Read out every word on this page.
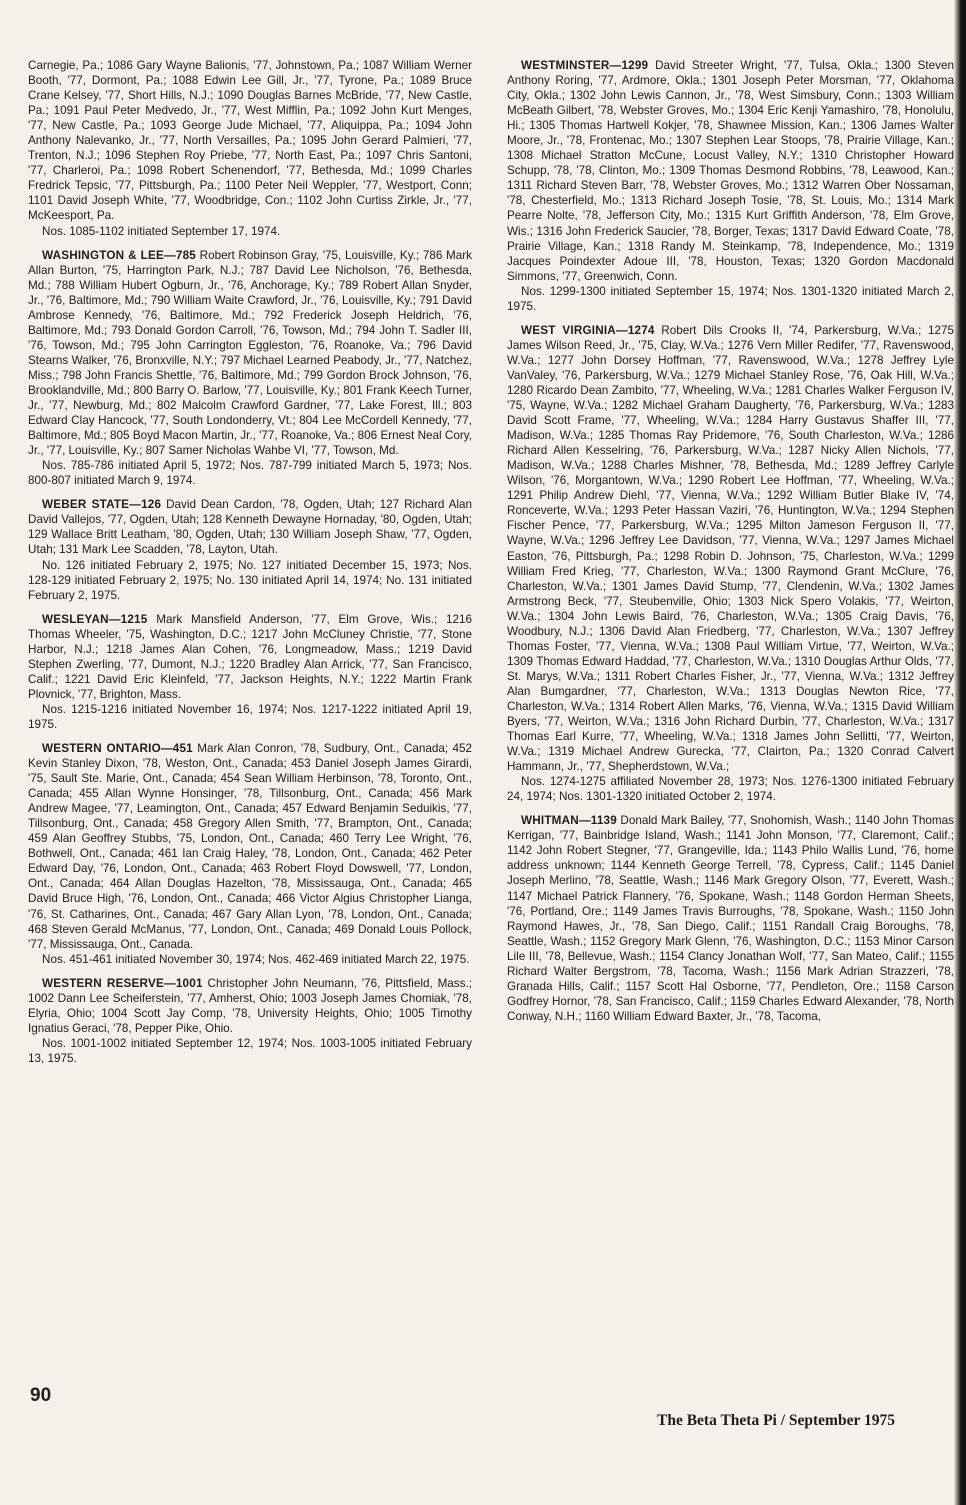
Carnegie, Pa.; 1086 Gary Wayne Balionis, '77, Johnstown, Pa.; 1087 William Werner Booth, '77, Dormont, Pa.; 1088 Edwin Lee Gill, Jr., '77, Tyrone, Pa.; 1089 Bruce Crane Kelsey, '77, Short Hills, N.J.; 1090 Douglas Barnes McBride, '77, New Castle, Pa.; 1091 Paul Peter Medvedo, Jr., '77, West Mifflin, Pa.; 1092 John Kurt Menges, '77, New Castle, Pa.; 1093 George Jude Michael, '77, Aliquippa, Pa.; 1094 John Anthony Nalevanko, Jr., '77, North Versailles, Pa.; 1095 John Gerard Palmieri, '77, Trenton, N.J.; 1096 Stephen Roy Priebe, '77, North East, Pa.; 1097 Chris Santoni, '77, Charleroi, Pa.; 1098 Robert Schenendorf, '77, Bethesda, Md.; 1099 Charles Fredrick Tepsic, '77, Pittsburgh, Pa.; 1100 Peter Neil Weppler, '77, Westport, Conn; 1101 David Joseph White, '77, Woodbridge, Con.; 1102 John Curtiss Zirkle, Jr., '77, McKeesport, Pa.

Nos. 1085-1102 initiated September 17, 1974.

WASHINGTON & LEE—785 Robert Robinson Gray, '75, Louisville, Ky.; 786 Mark Allan Burton, '75, Harrington Park, N.J.; 787 David Lee Nicholson, '76, Bethesda, Md.; 788 William Hubert Ogburn, Jr., '76, Anchorage, Ky.; 789 Robert Allan Snyder, Jr., '76, Baltimore, Md.; 790 William Waite Crawford, Jr., '76, Louisville, Ky.; 791 David Ambrose Kennedy, '76, Baltimore, Md.; 792 Frederick Joseph Heldrich, '76, Baltimore, Md.; 793 Donald Gordon Carroll, '76, Towson, Md.; 794 John T. Sadler III, '76, Towson, Md.; 795 John Carrington Eggleston, '76, Roanoke, Va.; 796 David Stearns Walker, '76, Bronxville, N.Y.; 797 Michael Learned Peabody, Jr., '77, Natchez, Miss.; 798 John Francis Shettle, '76, Baltimore, Md.; 799 Gordon Brock Johnson, '76, Brooklandville, Md.; 800 Barry O. Barlow, '77, Louisville, Ky.; 801 Frank Keech Turner, Jr., '77, Newburg, Md.; 802 Malcolm Crawford Gardner, '77, Lake Forest, Ill.; 803 Edward Clay Hancock, '77, South Londonderry, Vt.; 804 Lee McCordell Kennedy, '77, Baltimore, Md.; 805 Boyd Macon Martin, Jr., '77, Roanoke, Va.; 806 Ernest Neal Cory, Jr., '77, Louisville, Ky.; 807 Samer Nicholas Wahbe VI, '77, Towson, Md.

Nos. 785-786 initiated April 5, 1972; Nos. 787-799 initiated March 5, 1973; Nos. 800-807 initiated March 9, 1974.

WEBER STATE—126 David Dean Cardon, '78, Ogden, Utah; 127 Richard Alan David Vallejos, '77, Ogden, Utah; 128 Kenneth Dewayne Hornaday, '80, Ogden, Utah; 129 Wallace Britt Leatham, '80, Ogden, Utah; 130 William Joseph Shaw, '77, Ogden, Utah; 131 Mark Lee Scadden, '78, Layton, Utah.

No. 126 initiated February 2, 1975; No. 127 initiated December 15, 1973; Nos. 128-129 initiated February 2, 1975; No. 130 initiated April 14, 1974; No. 131 initiated February 2, 1975.

WESLEYAN—1215 Mark Mansfield Anderson, '77, Elm Grove, Wis.; 1216 Thomas Wheeler, '75, Washington, D.C.; 1217 John McCluney Christie, '77, Stone Harbor, N.J.; 1218 James Alan Cohen, '76, Longmeadow, Mass.; 1219 David Stephen Zwerling, '77, Dumont, N.J.; 1220 Bradley Alan Arrick, '77, San Francisco, Calif.; 1221 David Eric Kleinfeld, '77, Jackson Heights, N.Y.; 1222 Martin Frank Plovnick, '77, Brighton, Mass.

Nos. 1215-1216 initiated November 16, 1974; Nos. 1217-1222 initiated April 19, 1975.

WESTERN ONTARIO—451 Mark Alan Conron, '78, Sudbury, Ont., Canada; 452 Kevin Stanley Dixon, '78, Weston, Ont., Canada; 453 Daniel Joseph James Girardi, '75, Sault Ste. Marie, Ont., Canada; 454 Sean William Herbinson, '78, Toronto, Ont., Canada; 455 Allan Wynne Honsinger, '78, Tillsonburg, Ont., Canada; 456 Mark Andrew Magee, '77, Leamington, Ont., Canada; 457 Edward Benjamin Seduikis, '77, Tillsonburg, Ont., Canada; 458 Gregory Allen Smith, '77, Brampton, Ont., Canada; 459 Alan Geoffrey Stubbs, '75, London, Ont., Canada; 460 Terry Lee Wright, '76, Bothwell, Ont., Canada; 461 Ian Craig Haley, '78, London, Ont., Canada; 462 Peter Edward Day, '76, London, Ont., Canada; 463 Robert Floyd Dowswell, '77, London, Ont., Canada; 464 Allan Douglas Hazelton, '78, Mississauga, Ont., Canada; 465 David Bruce High, '76, London, Ont., Canada; 466 Victor Algius Christopher Lianga, '76, St. Catharines, Ont., Canada; 467 Gary Allan Lyon, '78, London, Ont., Canada; 468 Steven Gerald McManus, '77, London, Ont., Canada; 469 Donald Louis Pollock, '77, Mississauga, Ont., Canada.

Nos. 451-461 initiated November 30, 1974; Nos. 462-469 initiated March 22, 1975.

WESTERN RESERVE—1001 Christopher John Neumann, '76, Pittsfield, Mass.; 1002 Dann Lee Scheiferstein, '77, Amherst, Ohio; 1003 Joseph James Chomiak, '78, Elyria, Ohio; 1004 Scott Jay Comp, '78, University Heights, Ohio; 1005 Timothy Ignatius Geraci, '78, Pepper Pike, Ohio.

Nos. 1001-1002 initiated September 12, 1974; Nos. 1003-1005 initiated February 13, 1975.

WESTMINSTER—1299 David Streeter Wright, '77, Tulsa, Okla.; 1300 Steven Anthony Roring, '77, Ardmore, Okla.; 1301 Joseph Peter Morsman, '77, Oklahoma City, Okla.; 1302 John Lewis Cannon, Jr., '78, West Simsbury, Conn.; 1303 William McBeath Gilbert, '78, Webster Groves, Mo.; 1304 Eric Kenji Yamashiro, '78, Honolulu, Hi.; 1305 Thomas Hartwell Kokjer, '78, Shawnee Mission, Kan.; 1306 James Walter Moore, Jr., '78, Frontenac, Mo.; 1307 Stephen Lear Stoops, '78, Prairie Village, Kan.; 1308 Michael Stratton McCune, Locust Valley, N.Y.; 1310 Christopher Howard Schupp, '78, '78, Clinton, Mo.; 1309 Thomas Desmond Robbins, '78, Leawood, Kan.; 1311 Richard Steven Barr, '78, Webster Groves, Mo.; 1312 Warren Ober Nossaman, '78, Chesterfield, Mo.; 1313 Richard Joseph Tosie, '78, St. Louis, Mo.; 1314 Mark Pearre Nolte, '78, Jefferson City, Mo.; 1315 Kurt Griffith Anderson, '78, Elm Grove, Wis.; 1316 John Frederick Saucier, '78, Borger, Texas; 1317 David Edward Coate, '78, Prairie Village, Kan.; 1318 Randy M. Steinkamp, '78, Independence, Mo.; 1319 Jacques Poindexter Adoue III, '78, Houston, Texas; 1320 Gordon Macdonald Simmons, '77, Greenwich, Conn.

Nos. 1299-1300 initiated September 15, 1974; Nos. 1301-1320 initiated March 2, 1975.

WEST VIRGINIA—1274 Robert Dils Crooks II, '74, Parkersburg, W.Va.; 1275 James Wilson Reed, Jr., '75, Clay, W.Va.; 1276 Vern Miller Redifer, '77, Ravenswood, W.Va.; 1277 John Dorsey Hoffman, '77, Ravenswood, W.Va.; 1278 Jeffrey Lyle VanValey, '76, Parkersburg, W.Va.; 1279 Michael Stanley Rose, '76, Oak Hill, W.Va.; 1280 Ricardo Dean Zambito, '77, Wheeling, W.Va.; 1281 Charles Walker Ferguson IV, '75, Wayne, W.Va.; 1282 Michael Graham Daugherty, '76, Parkersburg, W.Va.; 1283 David Scott Frame, '77, Wheeling, W.Va.; 1284 Harry Gustavus Shaffer III, '77, Madison, W.Va.; 1285 Thomas Ray Pridemore, '76, South Charleston, W.Va.; 1286 Richard Allen Kesselring, '76, Parkersburg, W.Va.; 1287 Nicky Allen Nichols, '77, Madison, W.Va.; 1288 Charles Mishner, '78, Bethesda, Md.; 1289 Jeffrey Carlyle Wilson, '76, Morgantown, W.Va.; 1290 Robert Lee Hoffman, '77, Wheeling, W.Va.; 1291 Philip Andrew Diehl, '77, Vienna, W.Va.; 1292 William Butler Blake IV, '74, Ronceverte, W.Va.; 1293 Peter Hassan Vaziri, '76, Huntington, W.Va.; 1294 Stephen Fischer Pence, '77, Parkersburg, W.Va.; 1295 Milton Jameson Ferguson II, '77, Wayne, W.Va.; 1296 Jeffrey Lee Davidson, '77, Vienna, W.Va.; 1297 James Michael Easton, '76, Pittsburgh, Pa.; 1298 Robin D. Johnson, '75, Charleston, W.Va.; 1299 William Fred Krieg, '77, Charleston, W.Va.; 1300 Raymond Grant McClure, '76, Charleston, W.Va.; 1301 James David Stump, '77, Clendenin, W.Va.; 1302 James Armstrong Beck, '77, Steubenville, Ohio; 1303 Nick Spero Volakis, '77, Weirton, W.Va.; 1304 John Lewis Baird, '76, Charleston, W.Va.; 1305 Craig Davis, '76, Woodbury, N.J.; 1306 David Alan Friedberg, '77, Charleston, W.Va.; 1307 Jeffrey Thomas Foster, '77, Vienna, W.Va.; 1308 Paul William Virtue, '77, Weirton, W.Va.; 1309 Thomas Edward Haddad, '77, Charleston, W.Va.; 1310 Douglas Arthur Olds, '77, St. Marys, W.Va.; 1311 Robert Charles Fisher, Jr., '77, Vienna, W.Va.; 1312 Jeffrey Alan Bumgardner, '77, Charleston, W.Va.; 1313 Douglas Newton Rice, '77, Charleston, W.Va.; 1314 Robert Allen Marks, '76, Vienna, W.Va.; 1315 David William Byers, '77, Weirton, W.Va.; 1316 John Richard Durbin, '77, Charleston, W.Va.; 1317 Thomas Earl Kurre, '77, Wheeling, W.Va.; 1318 James John Sellitti, '77, Weirton, W.Va.; 1319 Michael Andrew Gurecka, '77, Clairton, Pa.; 1320 Conrad Calvert Hammann, Jr., '77, Shepherdstown, W.Va.;

Nos. 1274-1275 affiliated November 28, 1973; Nos. 1276-1300 initiated February 24, 1974; Nos. 1301-1320 initiated October 2, 1974.

WHITMAN—1139 Donald Mark Bailey, '77, Snohomish, Wash.; 1140 John Thomas Kerrigan, '77, Bainbridge Island, Wash.; 1141 John Monson, '77, Claremont, Calif.; 1142 John Robert Stegner, '77, Grangeville, Ida.; 1143 Philo Wallis Lund, '76, home address unknown; 1144 Kenneth George Terrell, '78, Cypress, Calif.; 1145 Daniel Joseph Merlino, '78, Seattle, Wash.; 1146 Mark Gregory Olson, '77, Everett, Wash.; 1147 Michael Patrick Flannery, '76, Spokane, Wash.; 1148 Gordon Herman Sheets, '76, Portland, Ore.; 1149 James Travis Burroughs, '78, Spokane, Wash.; 1150 John Raymond Hawes, Jr., '78, San Diego, Calif.; 1151 Randall Craig Boroughs, '78, Seattle, Wash.; 1152 Gregory Mark Glenn, '76, Washington, D.C.; 1153 Minor Carson Lile III, '78, Bellevue, Wash.; 1154 Clancy Jonathan Wolf, '77, San Mateo, Calif.; 1155 Richard Walter Bergstrom, '78, Tacoma, Wash.; 1156 Mark Adrian Strazzeri, '78, Granada Hills, Calif.; 1157 Scott Hal Osborne, '77, Pendleton, Ore.; 1158 Carson Godfrey Hornor, '78, San Francisco, Calif.; 1159 Charles Edward Alexander, '78, North Conway, N.H.; 1160 William Edward Baxter, Jr., '78, Tacoma,

90
The Beta Theta Pi / September 1975
